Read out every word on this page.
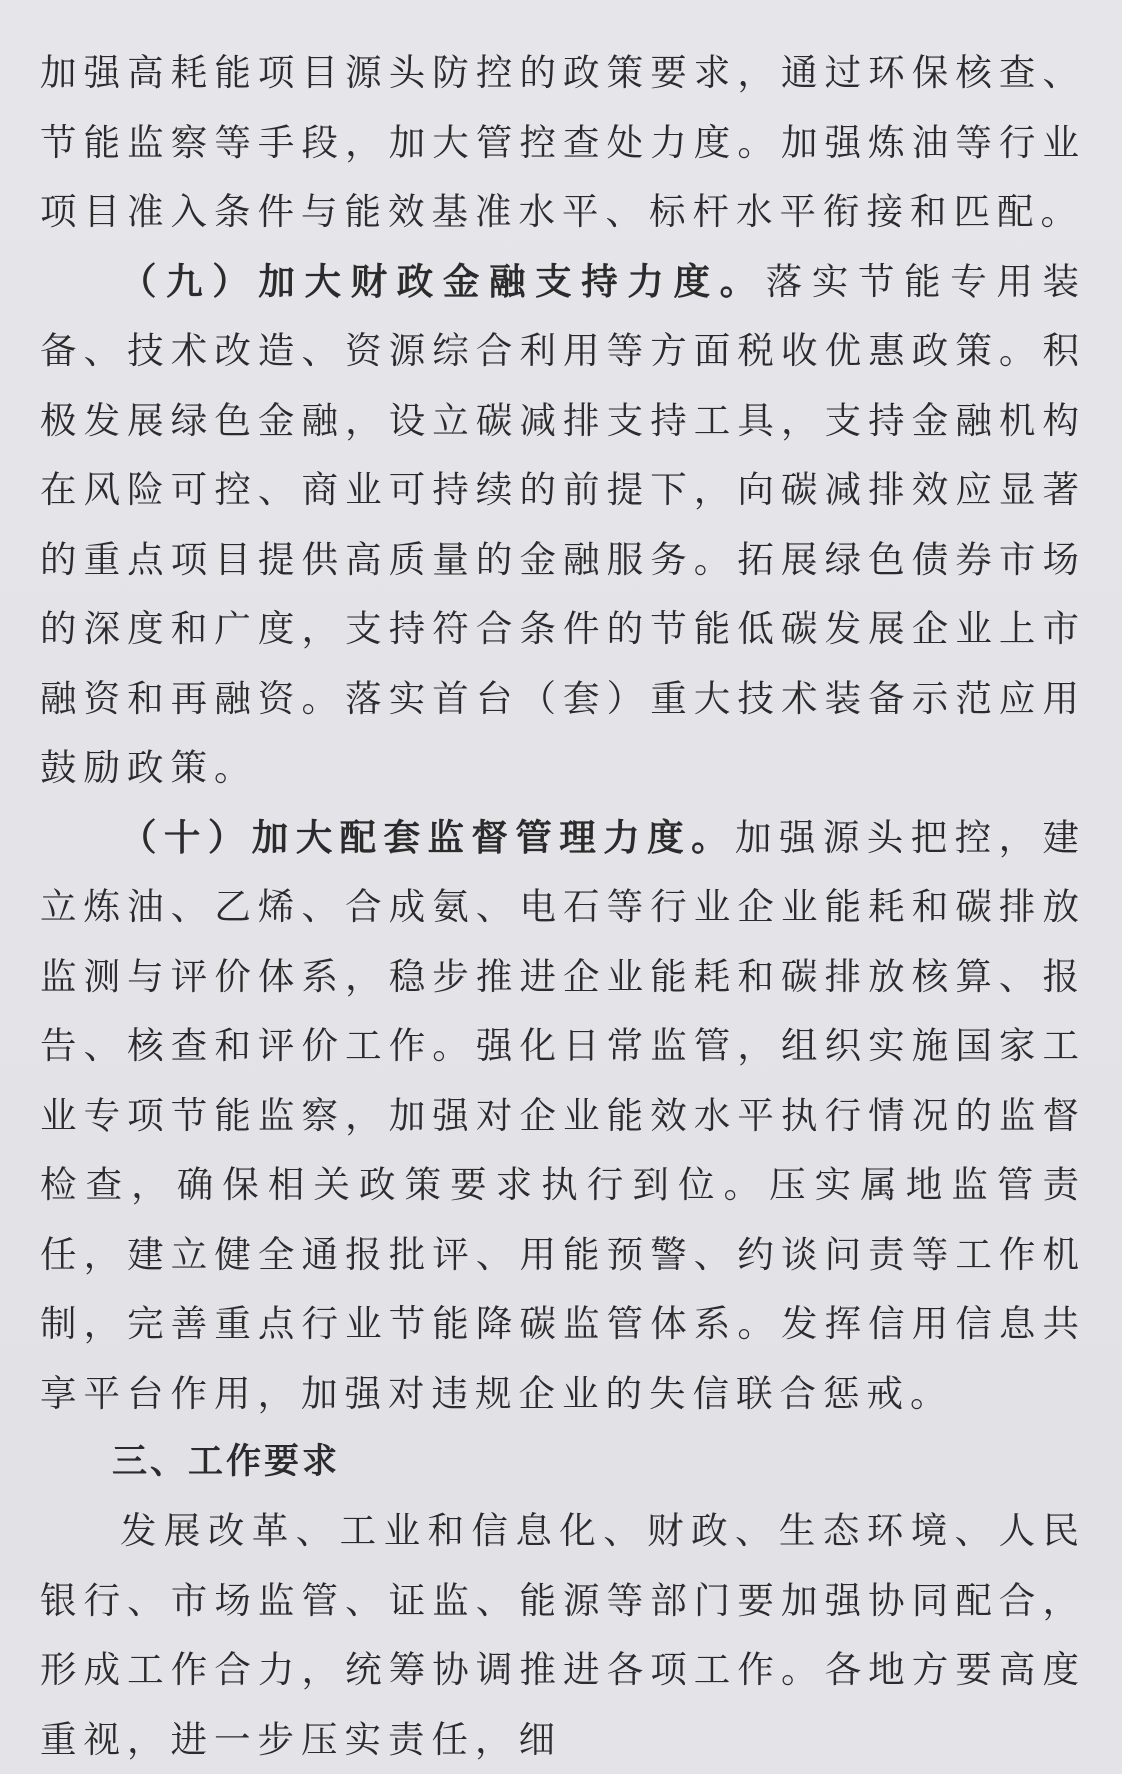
加强高耗能项目源头防控的政策要求，通过环保核查、节能监察等手段，加大管控查处力度。加强炼油等行业项目准入条件与能效基准水平、标杆水平衔接和匹配。

（九）加大财政金融支持力度。落实节能专用装备、技术改造、资源综合利用等方面税收优惠政策。积极发展绿色金融，设立碳减排支持工具，支持金融机构在风险可控、商业可持续的前提下，向碳减排效应显著的重点项目提供高质量的金融服务。拓展绿色债券市场的深度和广度，支持符合条件的节能低碳发展企业上市融资和再融资。落实首台（套）重大技术装备示范应用鼓励政策。

（十）加大配套监督管理力度。加强源头把控，建立炼油、乙烯、合成氨、电石等行业企业能耗和碳排放监测与评价体系，稳步推进企业能耗和碳排放核算、报告、核查和评价工作。强化日常监管，组织实施国家工业专项节能监察，加强对企业能效水平执行情况的监督检查，确保相关政策要求执行到位。压实属地监管责任，建立健全通报批评、用能预警、约谈问责等工作机制，完善重点行业节能降碳监管体系。发挥信用信息共享平台作用，加强对违规企业的失信联合惩戒。

三、工作要求

发展改革、工业和信息化、财政、生态环境、人民银行、市场监管、证监、能源等部门要加强协同配合，形成工作合力，统筹协调推进各项工作。各地方要高度重视，进一步压实责任，细
